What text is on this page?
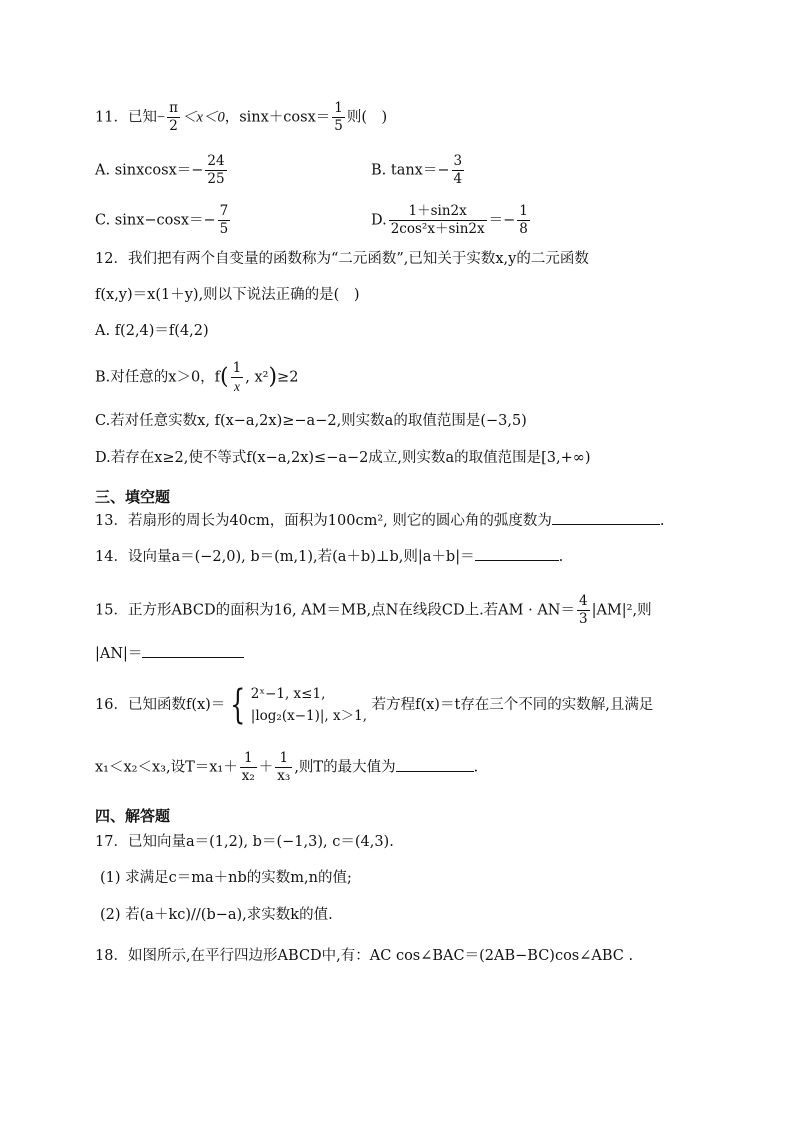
11．已知− $\frac{\pi}{2} <x<0$，$\sin x+\cos x= \frac{1}{5}$ 则(　)
A. sinxcosx＝− $\frac{24}{25}$	B. $\tan x=- \frac{3}{4}$
C. $\sin x-\cos x=- \frac{7}{5}$	D. $\frac{1+\sin 2x}{\text{2cos²x＋sin2x}} =- \frac{1}{8}$
12．我们把有两个自变量的函数称为“二元函数”,已知关于实数x,y的二元函数
f(x,y)＝x(1＋y),则以下说法正确的是(　)
A. f(2,4)＝f(4,2)
B.对任意的x＞0，$f( \frac{1}{x}$ , x²)≥2
C.若对任意实数x, f(x−a,2x)≥−a−2,则实数a的取值范围是(−3,5)
D.若存在x≥2,使不等式f(x−a,2x)≤−a−2成立,则实数a的取值范围是[3,+∞)
三、填空题
13．若扇形的周长为40cm，面积为100cm², 则它的圆心角的弧度数为	.
14．设向量a＝(−2,0), b＝(m,1),若(a＋b)⊥b,则|a＋b|＝	.
15．正方形ABCD的面积为16, AM＝MB,点N在线段CD上.若AM · $AN= \frac{4}{3} |AM|^2$,则
|AN|＝
16．已知函数f(x)＝ { 2ˣ−1, x≤1,
|log₂(x−1)|, x＞1,
若方程f(x)＝t存在三个不同的实数解,且满足
x₁＜x₂＜x₃,设$T=x_1+ \frac{1}{\text{x₂}} + \frac{1}{\text{x₃}}$ ,则T的最大值为	.
四、解答题
17．已知向量a＝(1,2), b＝(−1,3), c＝(4,3).
(1) 求满足c＝ma＋nb的实数m,n的值;
(2) 若(a＋kc)//(b−a),求实数k的值.
18．如图所示,在平行四边形ABCD中,有：AC cos∠BAC＝(2AB−BC)cos∠ABC .
